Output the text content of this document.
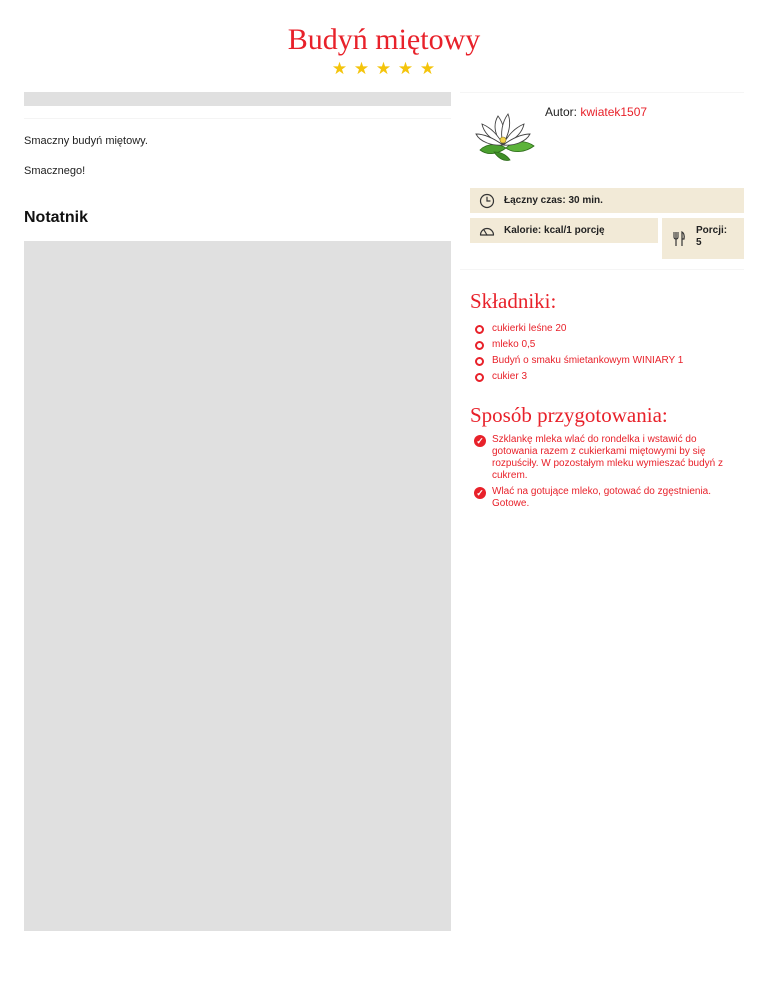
Budyń miętowy
★ ★ ★ ★ ★
Smaczny budyń miętowy.
Smacznego!
Notatnik
Autor: kwiatek1507
Łączny czas: 30 min.
Kalorie: kcal/1 porcję	Porcji:
5
Składniki:
cukierki leśne 20
mleko 0,5
Budyń o smaku śmietankowym WINIARY 1
cukier 3
Sposób przygotowania:
✓ Szklankę mleka wlać do rondelka i wstawić do gotowania razem z cukierkami miętowymi by się rozpuściły. W pozostałym mleku wymieszać budyń z cukrem.
✓ Wlać na gotujące mleko, gotować do zgęstnienia. Gotowe.
